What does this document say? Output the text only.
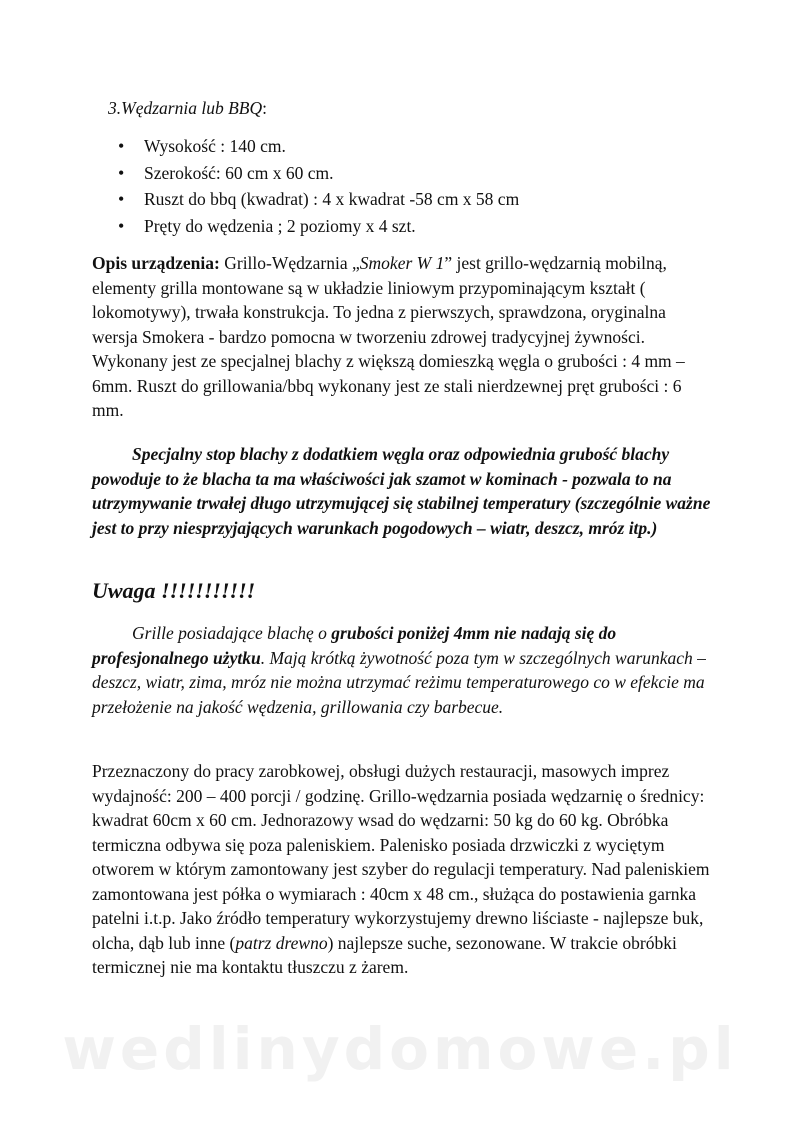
3.Wędzarnia lub BBQ:
• Wysokość : 140 cm.
• Szerokość: 60 cm x 60 cm.
• Ruszt do bbq (kwadrat) : 4 x kwadrat -58 cm x 58 cm
• Pręty do wędzenia ; 2 poziomy x 4 szt.
Opis urządzenia: Grillo-Wędzarnia „Smoker W 1” jest grillo-wędzarnią mobilną, elementy grilla montowane są w układzie liniowym przypominającym kształt ( lokomotywy), trwała konstrukcja. To jedna z pierwszych, sprawdzona, oryginalna wersja Smokera - bardzo pomocna w tworzeniu zdrowej tradycyjnej żywności. Wykonany jest ze specjalnej blachy z większą domieszką węgla o grubości : 4 mm – 6mm. Ruszt do grillowania/bbq wykonany jest ze stali nierdzewnej pręt grubości : 6 mm.
Specjalny stop blachy z dodatkiem węgla oraz odpowiednia grubość blachy powoduje to że blacha ta ma właściwości jak szamot w kominach - pozwala to na utrzymywanie trwałej długo utrzymującej się stabilnej temperatury (szczególnie ważne jest to przy niesprzyjających warunkach pogodowych – wiatr, deszcz, mróz itp.)
Uwaga !!!!!!!!!!!
Grille posiadające blachę o grubości poniżej 4mm nie nadają się do profesjonalnego użytku. Mają krótką żywotność poza tym w szczególnych warunkach – deszcz, wiatr, zima, mróz nie można utrzymać reżimu temperaturowego co w efekcie ma przełożenie na jakość wędzenia, grillowania czy barbecue.
Przeznaczony do pracy zarobkowej, obsługi dużych restauracji, masowych imprez wydajność: 200 – 400 porcji / godzinę. Grillo-wędzarnia posiada wędzarnię o średnicy: kwadrat 60cm x 60 cm. Jednorazowy wsad do wędzarni: 50 kg do 60 kg. Obróbka termiczna odbywa się poza paleniskiem. Palenisko posiada drzwiczki z wyciętym otworem w którym zamontowany jest szyber do regulacji temperatury. Nad paleniskiem zamontowana jest półka o wymiarach : 40cm x 48 cm., służąca do postawienia garnka patelni i.t.p. Jako źródło temperatury wykorzystujemy drewno liściaste - najlepsze buk, olcha, dąb lub inne (patrz drewno) najlepsze suche, sezonowane. W trakcie obróbki termicznej nie ma kontaktu tłuszczu z żarem.
wedlinydomowe.pl
